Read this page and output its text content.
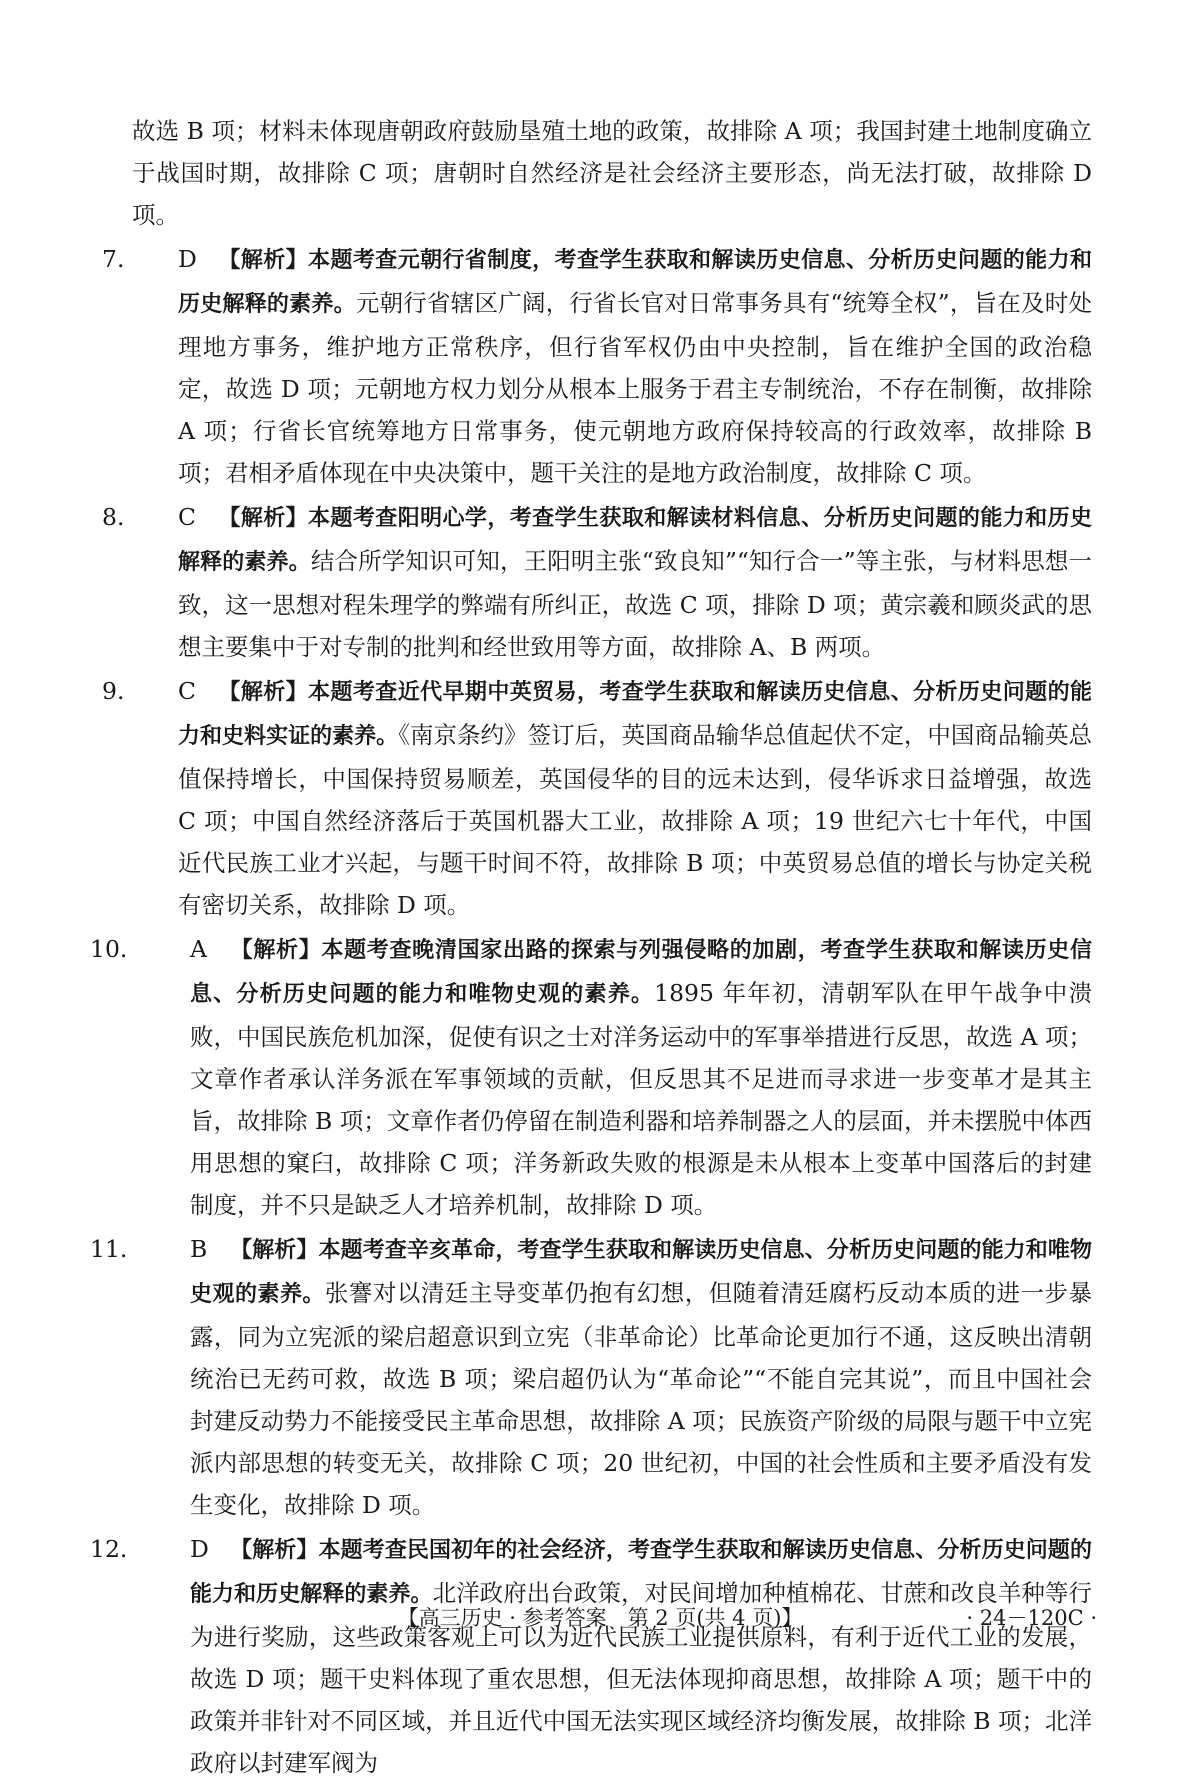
故选 B 项；材料未体现唐朝政府鼓励垦殖土地的政策，故排除 A 项；我国封建土地制度确立于战国时期，故排除 C 项；唐朝时自然经济是社会经济主要形态，尚无法打破，故排除 D 项。

7. D 【解析】本题考查元朝行省制度，考查学生获取和解读历史信息、分析历史问题的能力和历史解释的素养。元朝行省辖区广阔，行省长官对日常事务具有“统筹全权”，旨在及时处理地方事务，维护地方正常秩序，但行省军权仍由中央控制，旨在维护全国的政治稳定，故选 D 项；元朝地方权力划分从根本上服务于君主专制统治，不存在制衡，故排除 A 项；行省长官统筹地方日常事务，使元朝地方政府保持较高的行政效率，故排除 B 项；君相矛盾体现在中央决策中，题干关注的是地方政治制度，故排除 C 项。

8. C 【解析】本题考查阳明心学，考查学生获取和解读材料信息、分析历史问题的能力和历史解释的素养。结合所学知识可知，王阳明主张“致良知”“知行合一”等主张，与材料思想一致，这一思想对程朱理学的弊端有所纠正，故选 C 项，排除 D 项；黄宗羲和顾炎武的思想主要集中于对专制的批判和经世致用等方面，故排除 A、B 两项。

9. C 【解析】本题考查近代早期中英贸易，考查学生获取和解读历史信息、分析历史问题的能力和史料实证的素养。《南京条约》签订后，英国商品输华总值起伏不定，中国商品输英总值保持增长，中国保持贸易顺差，英国侵华的目的远未达到，侵华诉求日益增强，故选 C 项；中国自然经济落后于英国机器大工业，故排除 A 项；19 世纪六七十年代，中国近代民族工业才兴起，与题干时间不符，故排除 B 项；中英贸易总值的增长与协定关税有密切关系，故排除 D 项。

10.	A 【解析】本题考查晚清国家出路的探索与列强侵略的加剧，考查学生获取和解读历史信息、分析历史问题的能力和唯物史观的素养。1895 年年初，清朝军队在甲午战争中溃败，中国民族危机加深，促使有识之士对洋务运动中的军事举措进行反思，故选 A 项；文章作者承认洋务派在军事领域的贡献，但反思其不足进而寻求进一步变革才是其主旨，故排除 B 项；文章作者仍停留在制造利器和培养制器之人的层面，并未摆脱中体西用思想的窠臼，故排除 C 项；洋务新政失败的根源是未从根本上变革中国落后的封建制度，并不只是缺乏人才培养机制，故排除 D 项。

11.	B 【解析】本题考查辛亥革命，考查学生获取和解读历史信息、分析历史问题的能力和唯物史观的素养。张謇对以清廷主导变革仍抱有幻想，但随着清廷腐朽反动本质的进一步暴露，同为立宪派的梁启超意识到立宪（非革命论）比革命论更加行不通，这反映出清朝统治已无药可救，故选 B 项；梁启超仍认为“革命论”“不能自完其说”，而且中国社会封建反动势力不能接受民主革命思想，故排除 A 项；民族资产阶级的局限与题干中立宪派内部思想的转变无关，故排除 C 项；20 世纪初，中国的社会性质和主要矛盾没有发生变化，故排除 D 项。

12.	D 【解析】本题考查民国初年的社会经济，考查学生获取和解读历史信息、分析历史问题的能力和历史解释的素养。北洋政府出台政策，对民间增加种植棉花、甘蔗和改良羊种等行为进行奖励，这些政策客观上可以为近代民族工业提供原料，有利于近代工业的发展，故选 D 项；题干史料体现了重农思想，但无法体现抑商思想，故排除 A 项；题干中的政策并非针对不同区域，并且近代中国无法实现区域经济均衡发展，故排除 B 项；北洋政府以封建军阀为

【高三历史 · 参考答案　第 2 页(共 4 页)】	· 24－120C ·
